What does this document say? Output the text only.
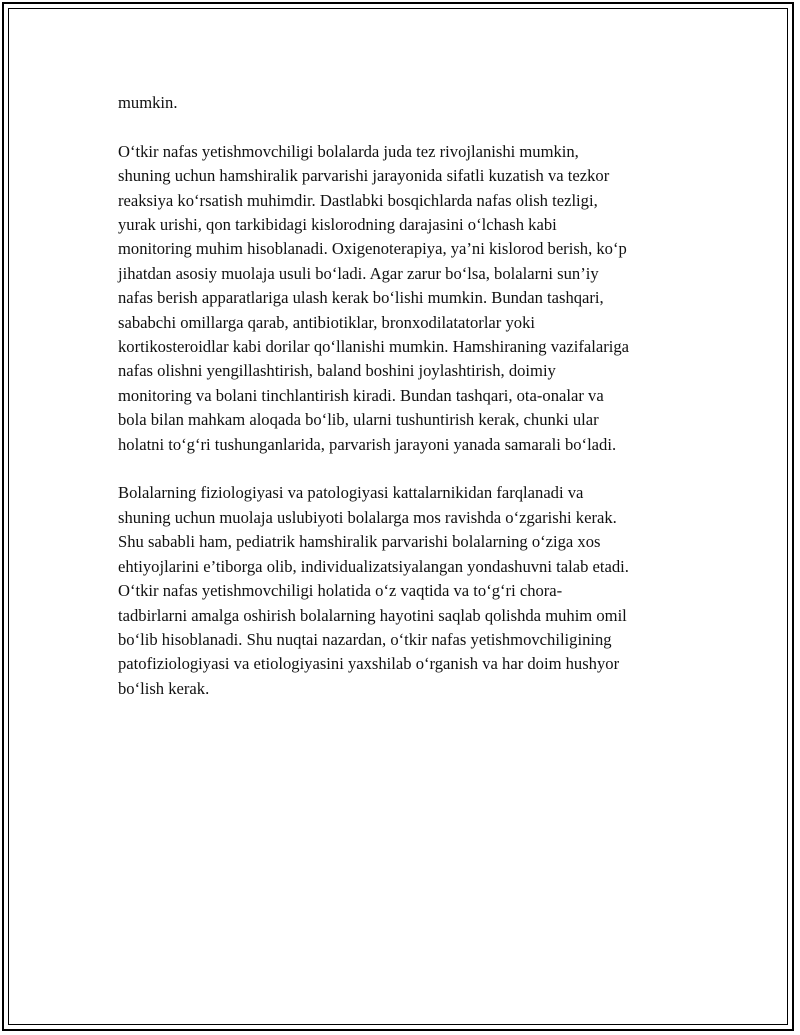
mumkin.

O‘tkir nafas yetishmovchiligi bolalarda juda tez rivojlanishi mumkin,

shuning uchun hamshiralik parvarishi jarayonida sifatli kuzatish va tezkor

reaksiya ko‘rsatish muhimdir. Dastlabki bosqichlarda nafas olish tezligi,

yurak urishi, qon tarkibidagi kislorodning darajasini o‘lchash kabi

monitoring muhim hisoblanadi. Oxigenoterapiya, ya’ni kislorod berish, ko‘p

jihatdan asosiy muolaja usuli bo‘ladi. Agar zarur bo‘lsa, bolalarni sun’iy

nafas berish apparatlariga ulash kerak bo‘lishi mumkin. Bundan tashqari,

sababchi omillarga qarab, antibiotiklar, bronxodilatatorlar yoki

kortikosteroidlar kabi dorilar qo‘llanishi mumkin. Hamshiraning vazifalariga

nafas olishni yengillashtirish, baland boshini joylashtirish, doimiy

monitoring va bolani tinchlantirish kiradi. Bundan tashqari, ota-onalar va

bola bilan mahkam aloqada bo‘lib, ularni tushuntirish kerak, chunki ular

holatni to‘g‘ri tushunganlarida, parvarish jarayoni yanada samarali bo‘ladi.

Bolalarning fiziologiyasi va patologiyasi kattalarnikidan farqlanadi va

shuning uchun muolaja uslubiyoti bolalarga mos ravishda o‘zgarishi kerak.

Shu sababli ham, pediatrik hamshiralik parvarishi bolalarning o‘ziga xos

ehtiyojlarini e’tiborga olib, individualizatsiyalangan yondashuvni talab etadi.

O‘tkir nafas yetishmovchiligi holatida o‘z vaqtida va to‘g‘ri chora-

tadbirlarni amalga oshirish bolalarning hayotini saqlab qolishda muhim omil

bo‘lib hisoblanadi. Shu nuqtai nazardan, o‘tkir nafas yetishmovchiligining

patofiziologiyasi va etiologiyasini yaxshilab o‘rganish va har doim hushyor

bo‘lish kerak.
